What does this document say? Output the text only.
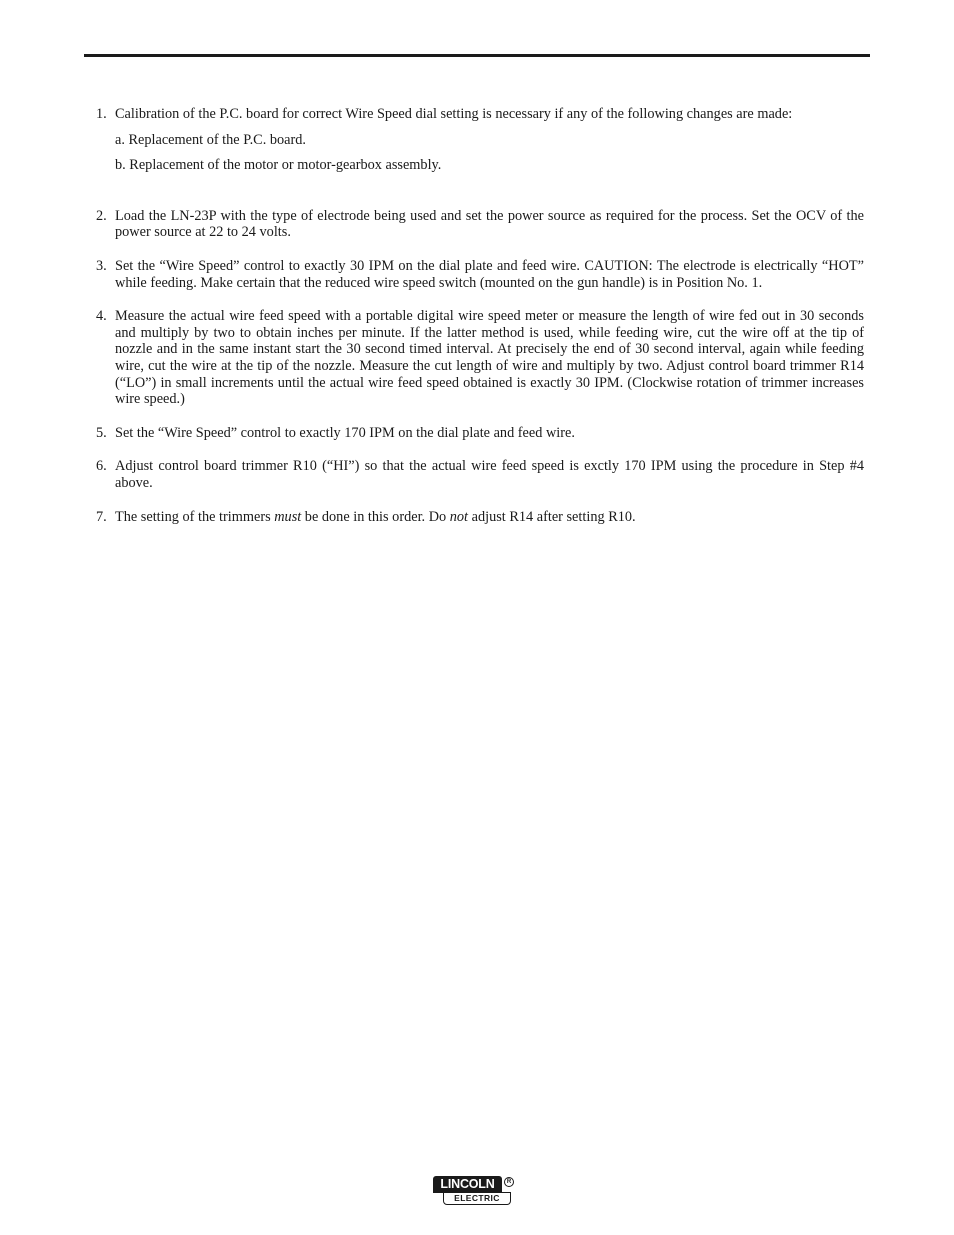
1. Calibration of the P.C. board for correct Wire Speed dial setting is necessary if any of the following changes are made:
a. Replacement of the P.C. board.
b. Replacement of the motor or motor-gearbox assembly.
2. Load the LN-23P with the type of electrode being used and set the power source as required for the process. Set the OCV of the power source at 22 to 24 volts.
3. Set the “Wire Speed” control to exactly 30 IPM on the dial plate and feed wire. CAUTION: The electrode is electrically “HOT” while feeding. Make certain that the reduced wire speed switch (mounted on the gun handle) is in Position No. 1.
4. Measure the actual wire feed speed with a portable digital wire speed meter or measure the length of wire fed out in 30 seconds and multiply by two to obtain inches per minute. If the latter method is used, while feeding wire, cut the wire off at the tip of nozzle and in the same instant start the 30 second timed interval. At precisely the end of 30 second interval, again while feeding wire, cut the wire at the tip of the nozzle. Measure the cut length of wire and multiply by two. Adjust control board trimmer R14 (“LO”) in small increments until the actual wire feed speed obtained is exactly 30 IPM. (Clockwise rotation of trimmer increases wire speed.)
5. Set the “Wire Speed” control to exactly 170 IPM on the dial plate and feed wire.
6. Adjust control board trimmer R10 (“HI”) so that the actual wire feed speed is exctly 170 IPM using the procedure in Step #4 above.
7. The setting of the trimmers must be done in this order. Do not adjust R14 after setting R10.
LINCOLN	R
ELECTRIC
